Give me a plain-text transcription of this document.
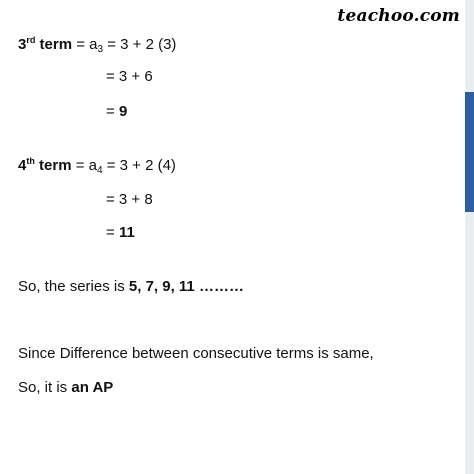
teachoo.com
3rd term = $a_3 = 3 + 2$ (3)
= 3 + 6
= 9
4th term = $a_4 = 3 + 2$ (4)
= 3 + 8
= 11
So, the series is 5, 7, 9, 11 ………
Since Difference between consecutive terms is same,
So, it is an AP
